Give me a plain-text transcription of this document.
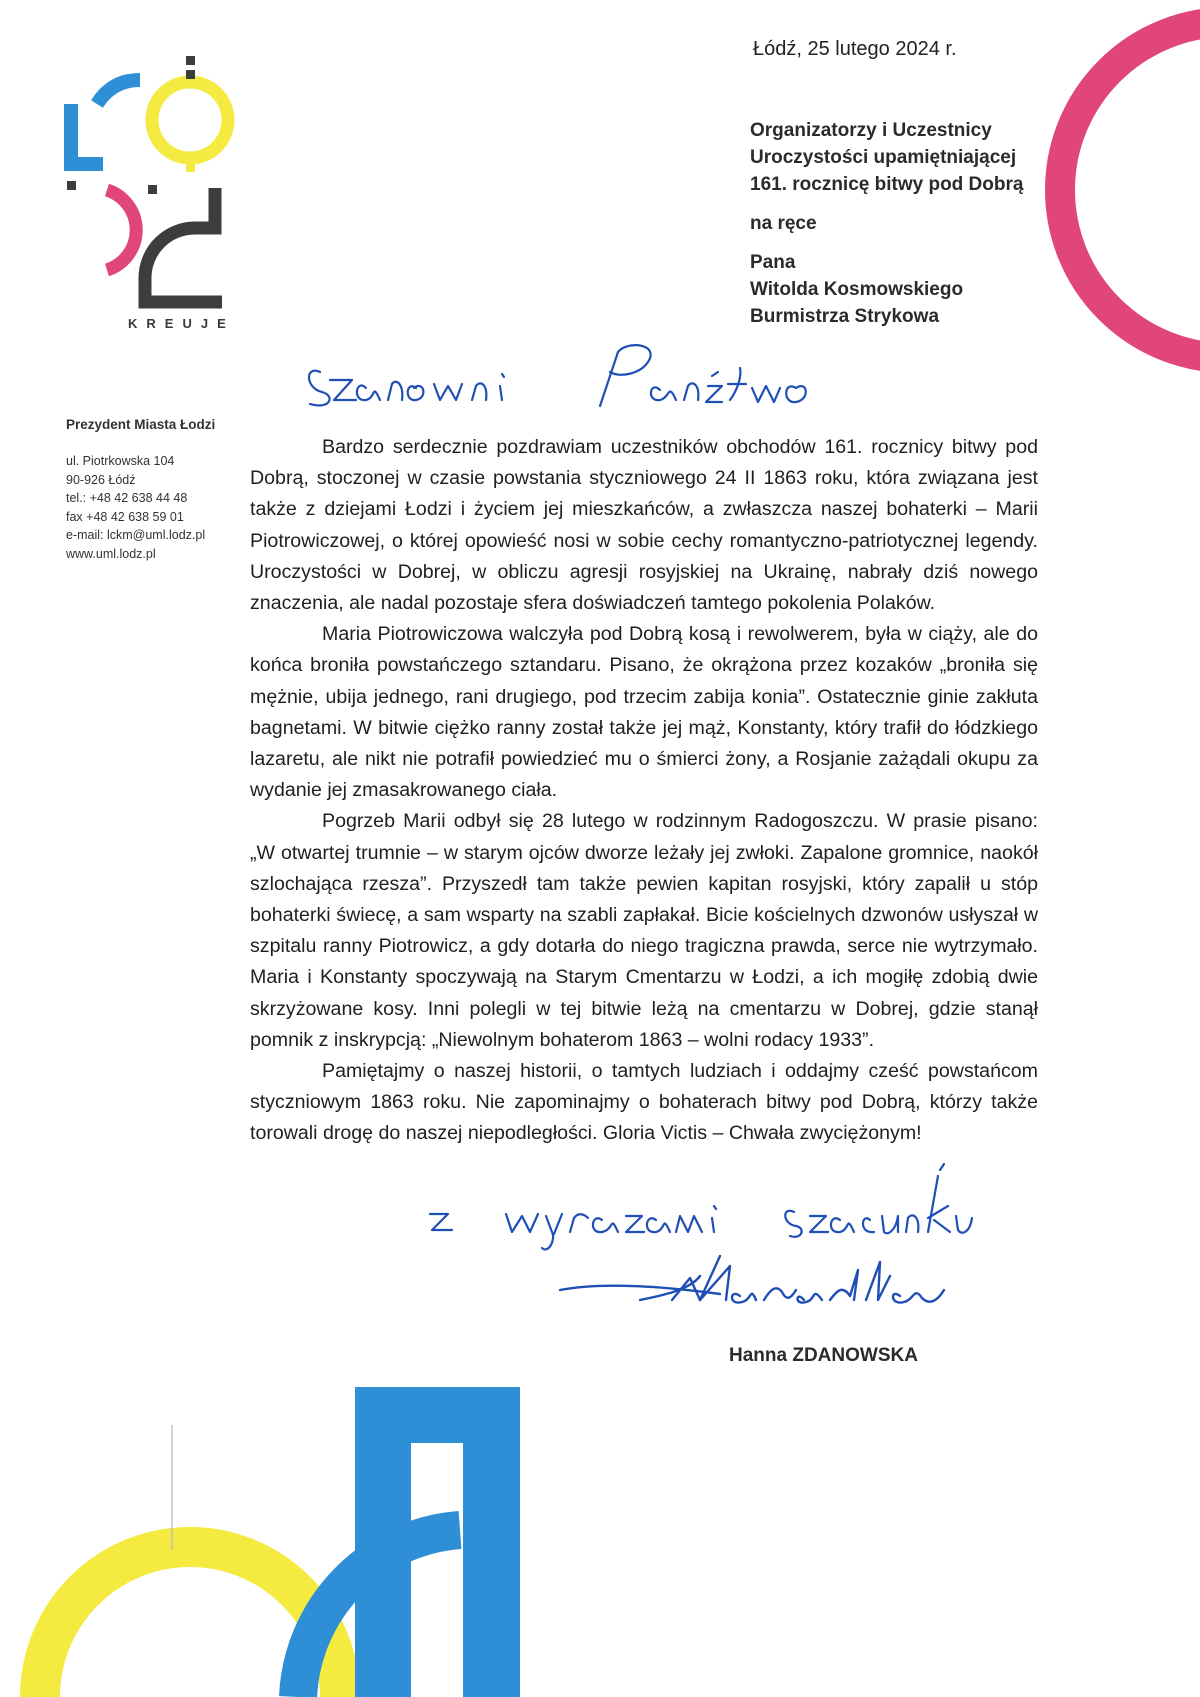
KREUJE
Łódź, 25 lutego 2024 r.
Organizatorzy i Uczestnicy
Uroczystości upamiętniającej
161. rocznicę bitwy pod Dobrą
na ręce
Pana
Witolda Kosmowskiego
Burmistrza Strykowa
Prezydent Miasta Łodzi
ul. Piotrkowska 104
90-926 Łódź
tel.: +48 42 638 44 48
fax +48 42 638 59 01
e-mail: lckm@uml.lodz.pl
www.uml.lodz.pl

Bardzo serdecznie pozdrawiam uczestników obchodów 161. rocznicy bitwy pod Dobrą, stoczonej w czasie powstania styczniowego 24 II 1863 roku, która związana jest także z dziejami Łodzi i życiem jej mieszkańców, a zwłaszcza naszej bohaterki – Marii Piotrowiczowej, o której opowieść nosi w sobie cechy romantyczno-patriotycznej legendy. Uroczystości w Dobrej, w obliczu agresji rosyjskiej na Ukrainę, nabrały dziś nowego znaczenia, ale nadal pozostaje sfera doświadczeń tamtego pokolenia Polaków.

Maria Piotrowiczowa walczyła pod Dobrą kosą i rewolwerem, była w ciąży, ale do końca broniła powstańczego sztandaru. Pisano, że okrążona przez kozaków „broniła się mężnie, ubija jednego, rani drugiego, pod trzecim zabija konia”. Ostatecznie ginie zakłuta bagnetami. W bitwie ciężko ranny został także jej mąż, Konstanty, który trafił do łódzkiego lazaretu, ale nikt nie potrafił powiedzieć mu o śmierci żony, a Rosjanie zażądali okupu za wydanie jej zmasakrowanego ciała.

Pogrzeb Marii odbył się 28 lutego w rodzinnym Radogoszczu. W prasie pisano: „W otwartej trumnie – w starym ojców dworze leżały jej zwłoki. Zapalone gromnice, naokół szlochająca rzesza”. Przyszedł tam także pewien kapitan rosyjski, który zapalił u stóp bohaterki świecę, a sam wsparty na szabli zapłakał. Bicie kościelnych dzwonów usłyszał w szpitalu ranny Piotrowicz, a gdy dotarła do niego tragiczna prawda, serce nie wytrzymało. Maria i Konstanty spoczywają na Starym Cmentarzu w Łodzi, a ich mogiłę zdobią dwie skrzyżowane kosy. Inni polegli w tej bitwie leżą na cmentarzu w Dobrej, gdzie stanął pomnik z inskrypcją: „Niewolnym bohaterom 1863 – wolni rodacy 1933”.

Pamiętajmy o naszej historii, o tamtych ludziach i oddajmy cześć powstańcom styczniowym 1863 roku. Nie zapominajmy o bohaterach bitwy pod Dobrą, którzy także torowali drogę do naszej niepodległości. Gloria Victis – Chwała zwyciężonym!

Hanna ZDANOWSKA
